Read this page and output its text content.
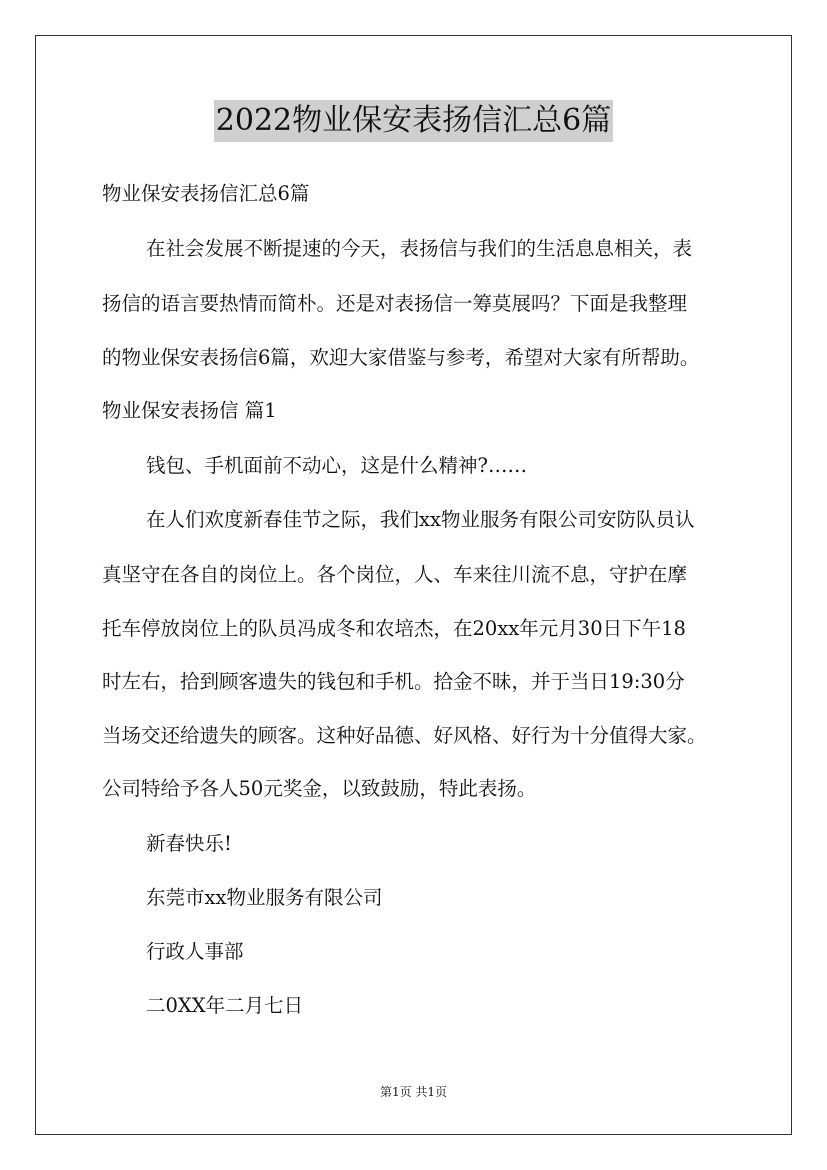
2022物业保安表扬信汇总6篇
物业保安表扬信汇总6篇
在社会发展不断提速的今天，表扬信与我们的生活息息相关，表
扬信的语言要热情而简朴。还是对表扬信一筹莫展吗？下面是我整理
的物业保安表扬信6篇，欢迎大家借鉴与参考，希望对大家有所帮助。
物业保安表扬信 篇1
钱包、手机面前不动心，这是什么精神?……
在人们欢度新春佳节之际，我们xx物业服务有限公司安防队员认
真坚守在各自的岗位上。各个岗位，人、车来往川流不息，守护在摩
托车停放岗位上的队员冯成冬和农培杰，在20xx年元月30日下午18
时左右，拾到顾客遗失的钱包和手机。拾金不昧，并于当日19:30分
当场交还给遗失的顾客。这种好品德、好风格、好行为十分值得大家。
公司特给予各人50元奖金，以致鼓励，特此表扬。
新春快乐!
东莞市xx物业服务有限公司
行政人事部
二0XX年二月七日
第1页 共1页
